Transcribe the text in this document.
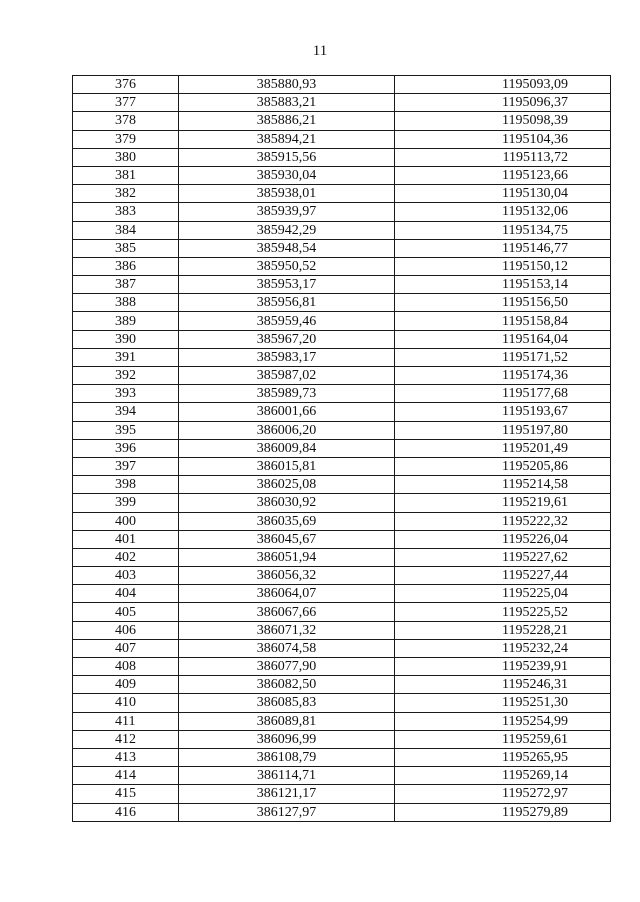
11
376	385880,93	1195093,09
377	385883,21	1195096,37
378	385886,21	1195098,39
379	385894,21	1195104,36
380	385915,56	1195113,72
381	385930,04	1195123,66
382	385938,01	1195130,04
383	385939,97	1195132,06
384	385942,29	1195134,75
385	385948,54	1195146,77
386	385950,52	1195150,12
387	385953,17	1195153,14
388	385956,81	1195156,50
389	385959,46	1195158,84
390	385967,20	1195164,04
391	385983,17	1195171,52
392	385987,02	1195174,36
393	385989,73	1195177,68
394	386001,66	1195193,67
395	386006,20	1195197,80
396	386009,84	1195201,49
397	386015,81	1195205,86
398	386025,08	1195214,58
399	386030,92	1195219,61
400	386035,69	1195222,32
401	386045,67	1195226,04
402	386051,94	1195227,62
403	386056,32	1195227,44
404	386064,07	1195225,04
405	386067,66	1195225,52
406	386071,32	1195228,21
407	386074,58	1195232,24
408	386077,90	1195239,91
409	386082,50	1195246,31
410	386085,83	1195251,30
411	386089,81	1195254,99
412	386096,99	1195259,61
413	386108,79	1195265,95
414	386114,71	1195269,14
415	386121,17	1195272,97
416	386127,97	1195279,89
